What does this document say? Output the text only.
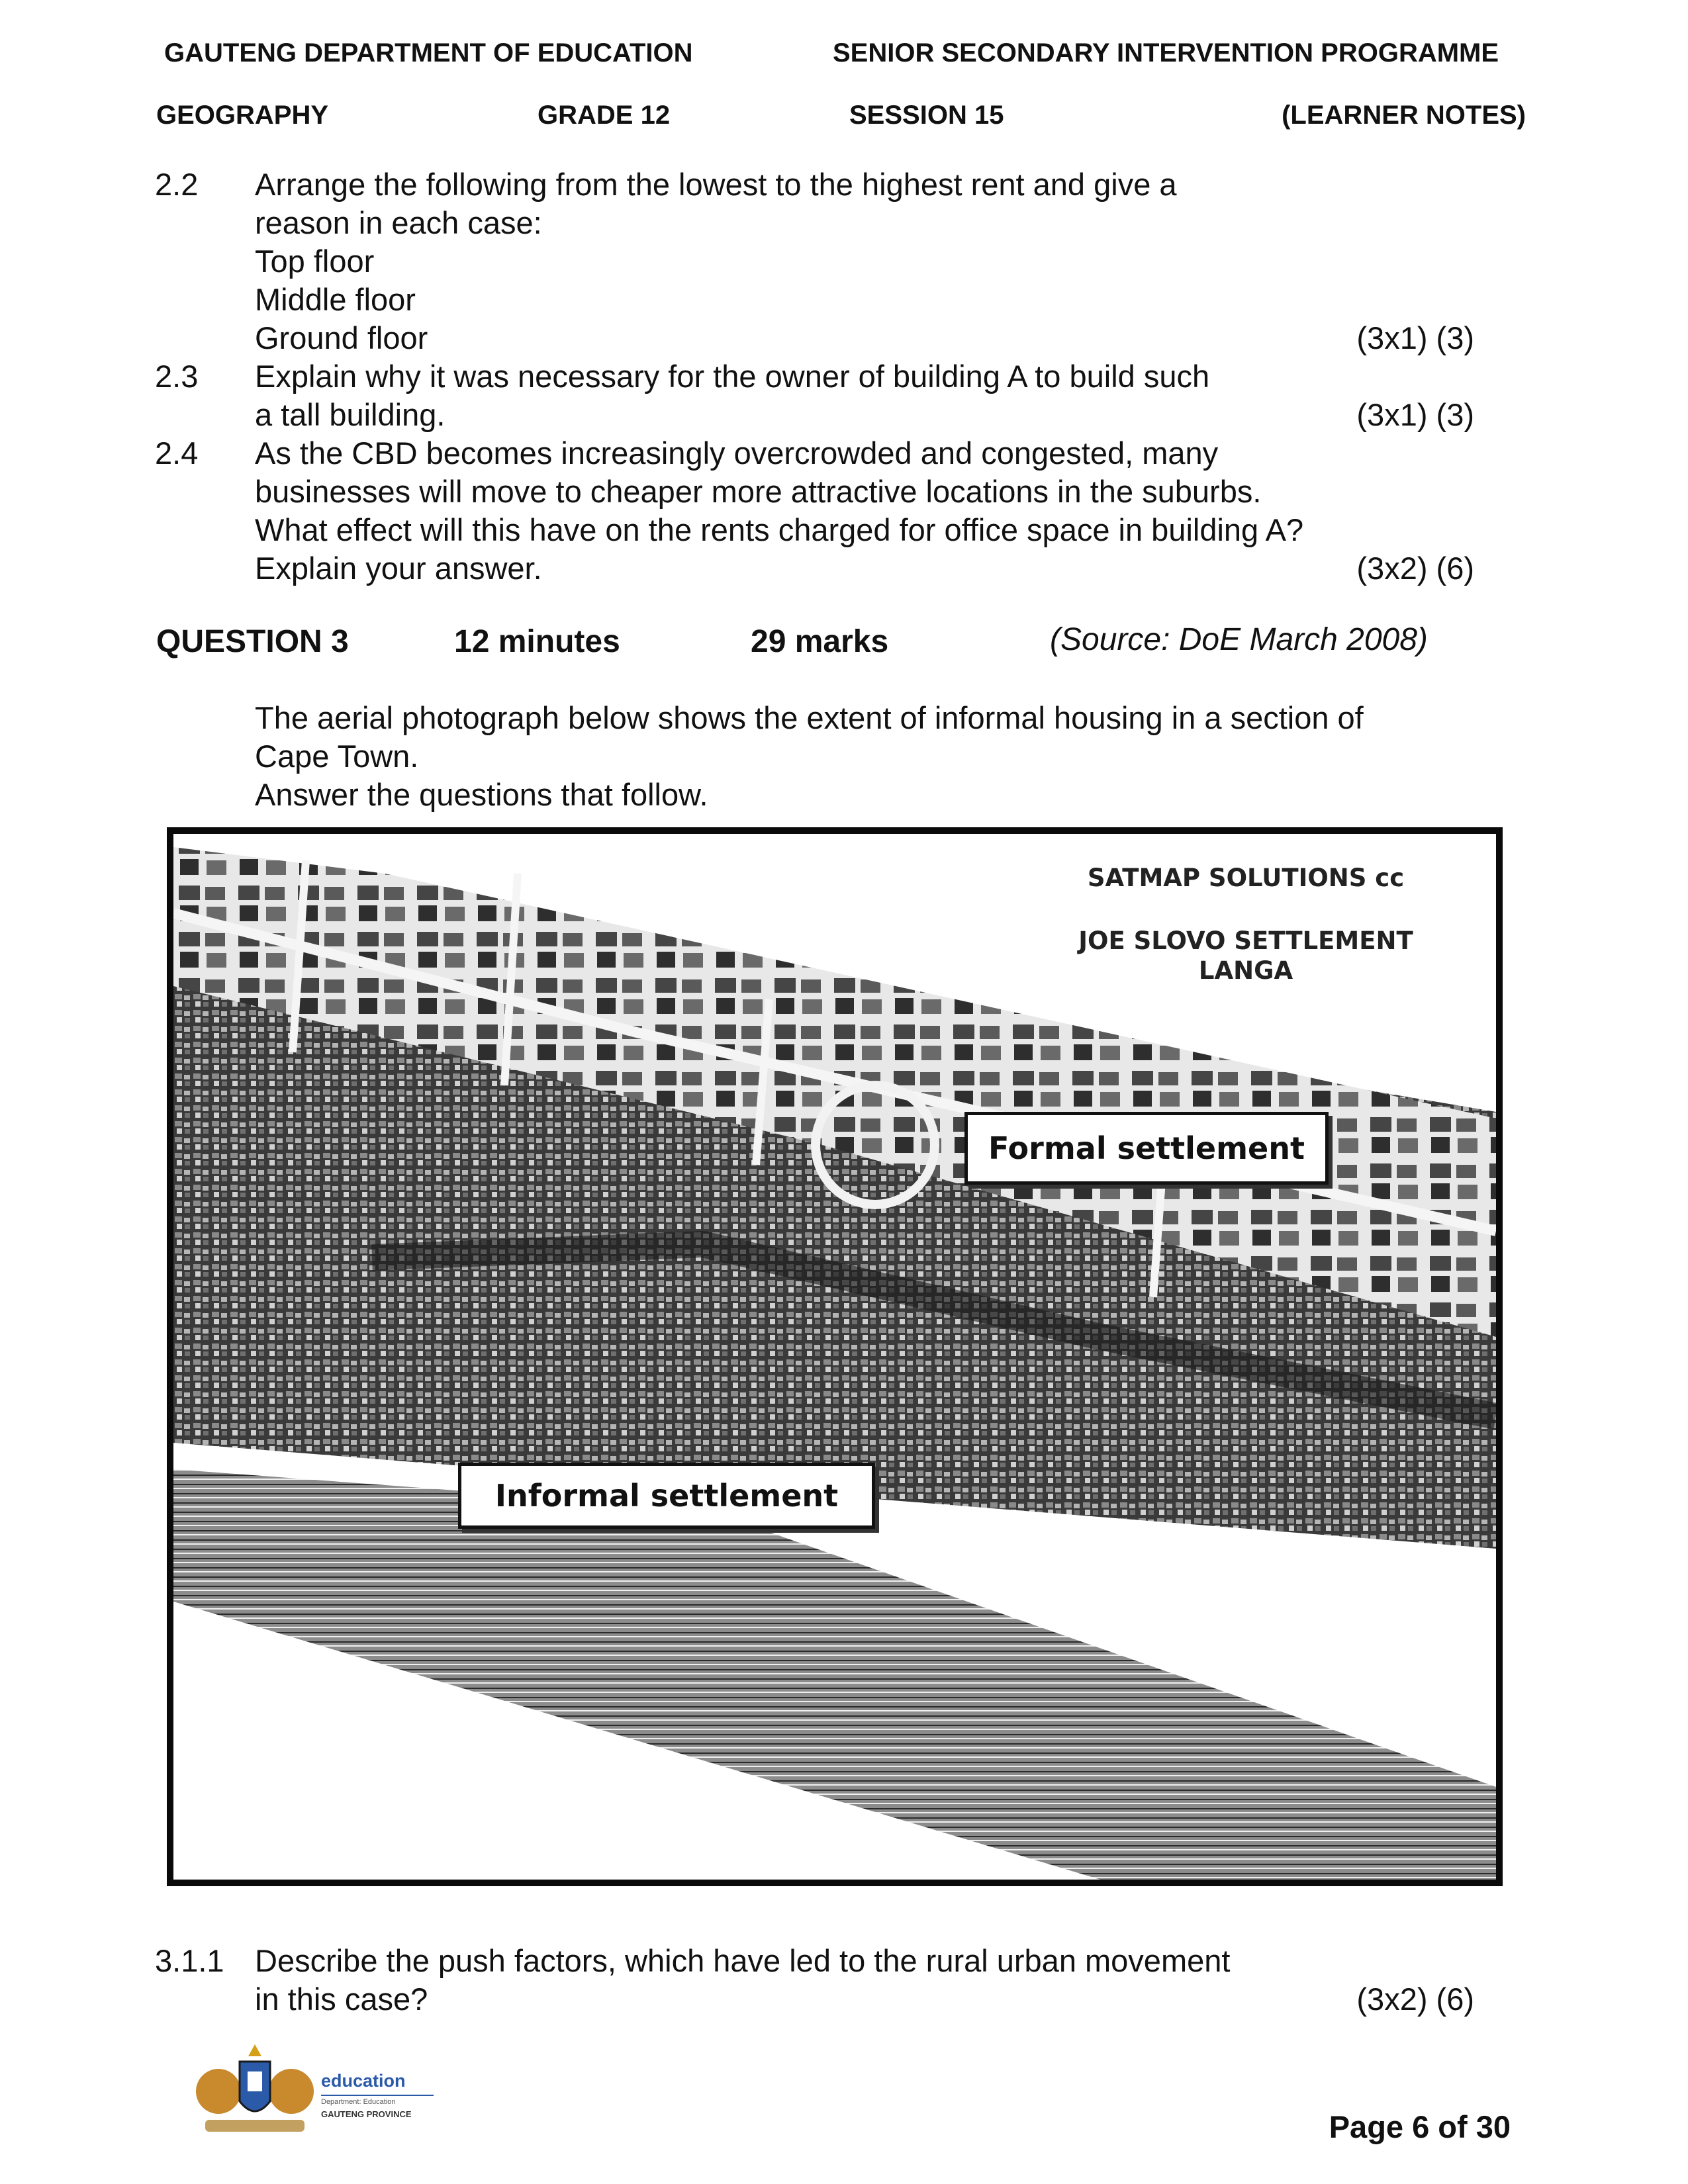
GAUTENG DEPARTMENT OF EDUCATION	SENIOR SECONDARY INTERVENTION PROGRAMME
GEOGRAPHY	GRADE 12	SESSION 15	(LEARNER NOTES)
2.2 Arrange the following from the lowest to the highest rent and give a
reason in each case:
Top floor
Middle floor
Ground floor	(3x1) (3)
2.3 Explain why it was necessary for the owner of building A to build such
a tall building.	(3x1) (3)
2.4 As the CBD becomes increasingly overcrowded and congested, many
businesses will move to cheaper more attractive locations in the suburbs.
What effect will this have on the rents charged for office space in building A?
Explain your answer.	(3x2) (6)
QUESTION 3	12 minutes	29 marks	(Source: DoE March 2008)
The aerial photograph below shows the extent of informal housing in a section of
Cape Town.
Answer the questions that follow.
SATMAP SOLUTIONS cc
JOE SLOVO SETTLEMENT
LANGA
Formal settlement
Informal settlement
3.1.1 Describe the push factors, which have led to the rural urban movement
in this case?	(3x2) (6)
education
Department: Education
GAUTENG PROVINCE	Page 6 of 30
